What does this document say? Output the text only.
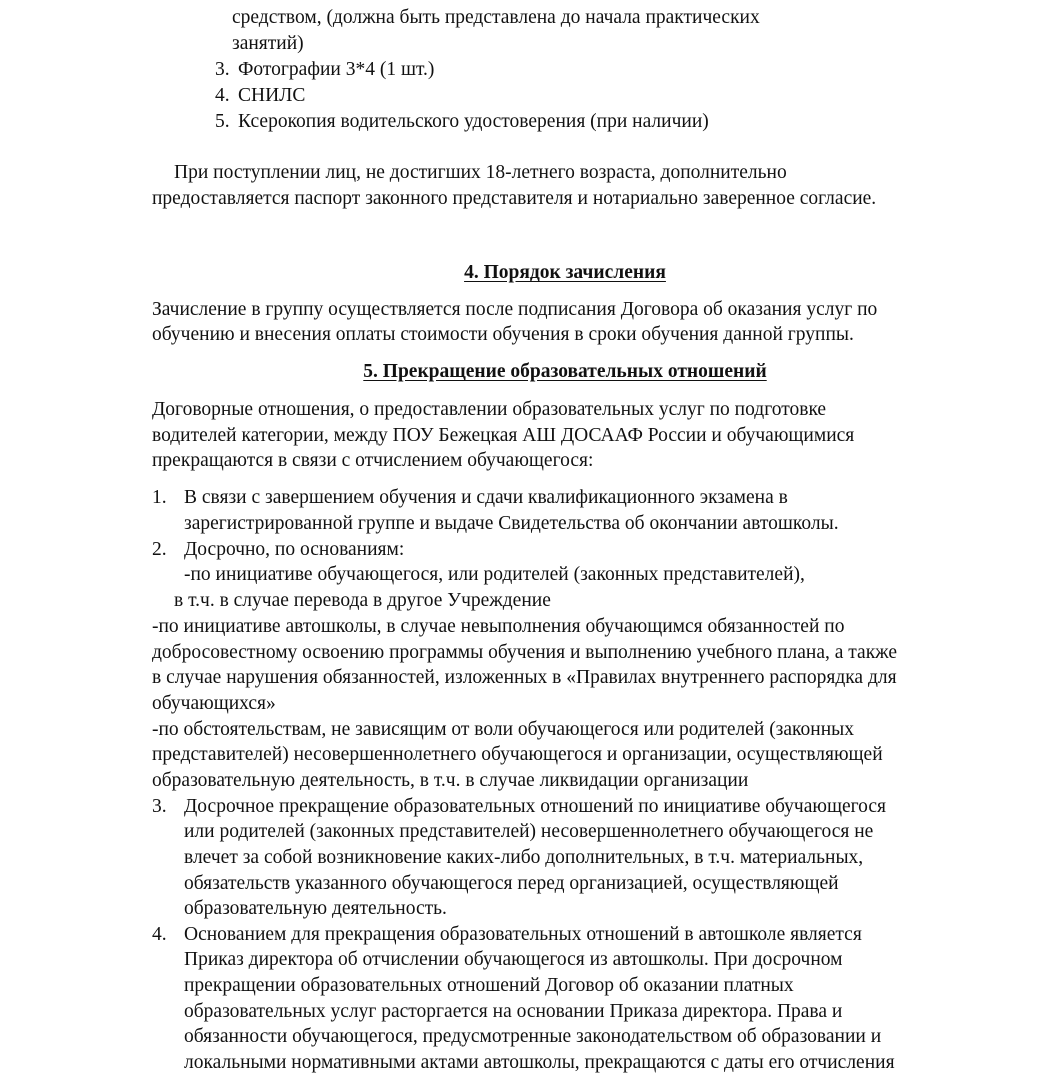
средством, (должна быть представлена до начала практических
занятий)
3. Фотографии 3*4 (1 шт.)
4. СНИЛС
5. Ксерокопия водительского удостоверения (при наличии)
При поступлении лиц, не достигших 18-летнего возраста, дополнительно
предоставляется паспорт законного представителя и нотариально заверенное согласие.
4. Порядок зачисления
Зачисление в группу осуществляется после подписания Договора об оказания услуг по
обучению и внесения оплаты стоимости обучения в сроки обучения данной группы.
5. Прекращение образовательных отношений
Договорные отношения, о предоставлении образовательных услуг по подготовке
водителей категории, между ПОУ Бежецкая АШ ДОСААФ России и обучающимися
прекращаются в связи с отчислением обучающегося:
1. В связи с завершением обучения и сдачи квалификационного экзамена в
зарегистрированной группе и выдаче Свидетельства об окончании автошколы.
2. Досрочно, по основаниям:
-по инициативе обучающегося, или родителей (законных представителей),
в т.ч. в случае перевода в другое Учреждение
-по инициативе автошколы, в случае невыполнения обучающимся обязанностей по
добросовестному освоению программы обучения и выполнению учебного плана, а также
в случае нарушения обязанностей, изложенных в «Правилах внутреннего распорядка для
обучающихся»
-по обстоятельствам, не зависящим от воли обучающегося или родителей (законных
представителей) несовершеннолетнего обучающегося и организации, осуществляющей
образовательную деятельность, в т.ч. в случае ликвидации организации
3. Досрочное прекращение образовательных отношений по инициативе обучающегося
или родителей (законных представителей) несовершеннолетнего обучающегося не
влечет за собой возникновение каких-либо дополнительных, в т.ч. материальных,
обязательств указанного обучающегося перед организацией, осуществляющей
образовательную деятельность.
4. Основанием для прекращения образовательных отношений в автошколе является
Приказ директора об отчислении обучающегося из автошколы. При досрочном
прекращении образовательных отношений Договор об оказании платных
образовательных услуг расторгается на основании Приказа директора. Права и
обязанности обучающегося, предусмотренные законодательством об образовании и
локальными нормативными актами автошколы, прекращаются с даты его отчисления
